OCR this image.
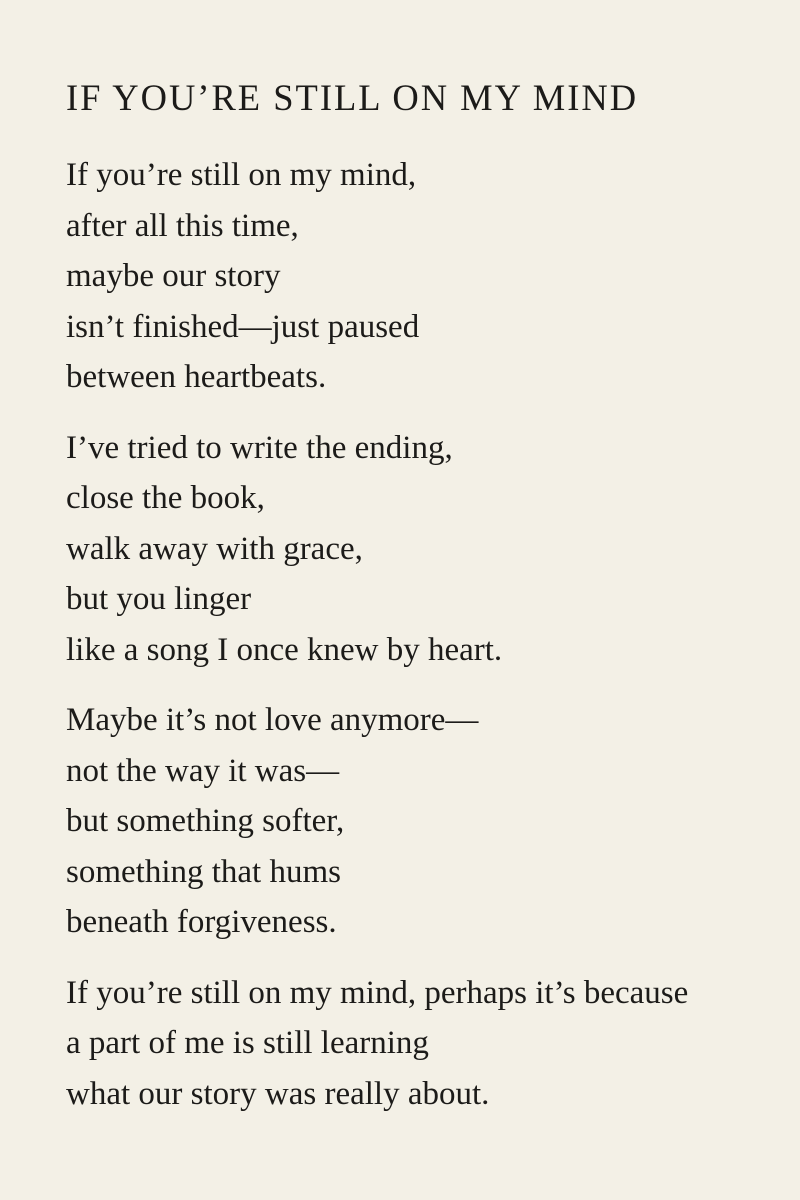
IF YOU’RE STILL ON MY MIND
If you’re still on my mind,
after all this time,
maybe our story
isn’t finished—just paused
between heartbeats.
I’ve tried to write the ending,
close the book,
walk away with grace,
but you linger
like a song I once knew by heart.
Maybe it’s not love anymore—
not the way it was—
but something softer,
something that hums
beneath forgiveness.
If you’re still on my mind, perhaps it’s because
a part of me is still learning
what our story was really about.
